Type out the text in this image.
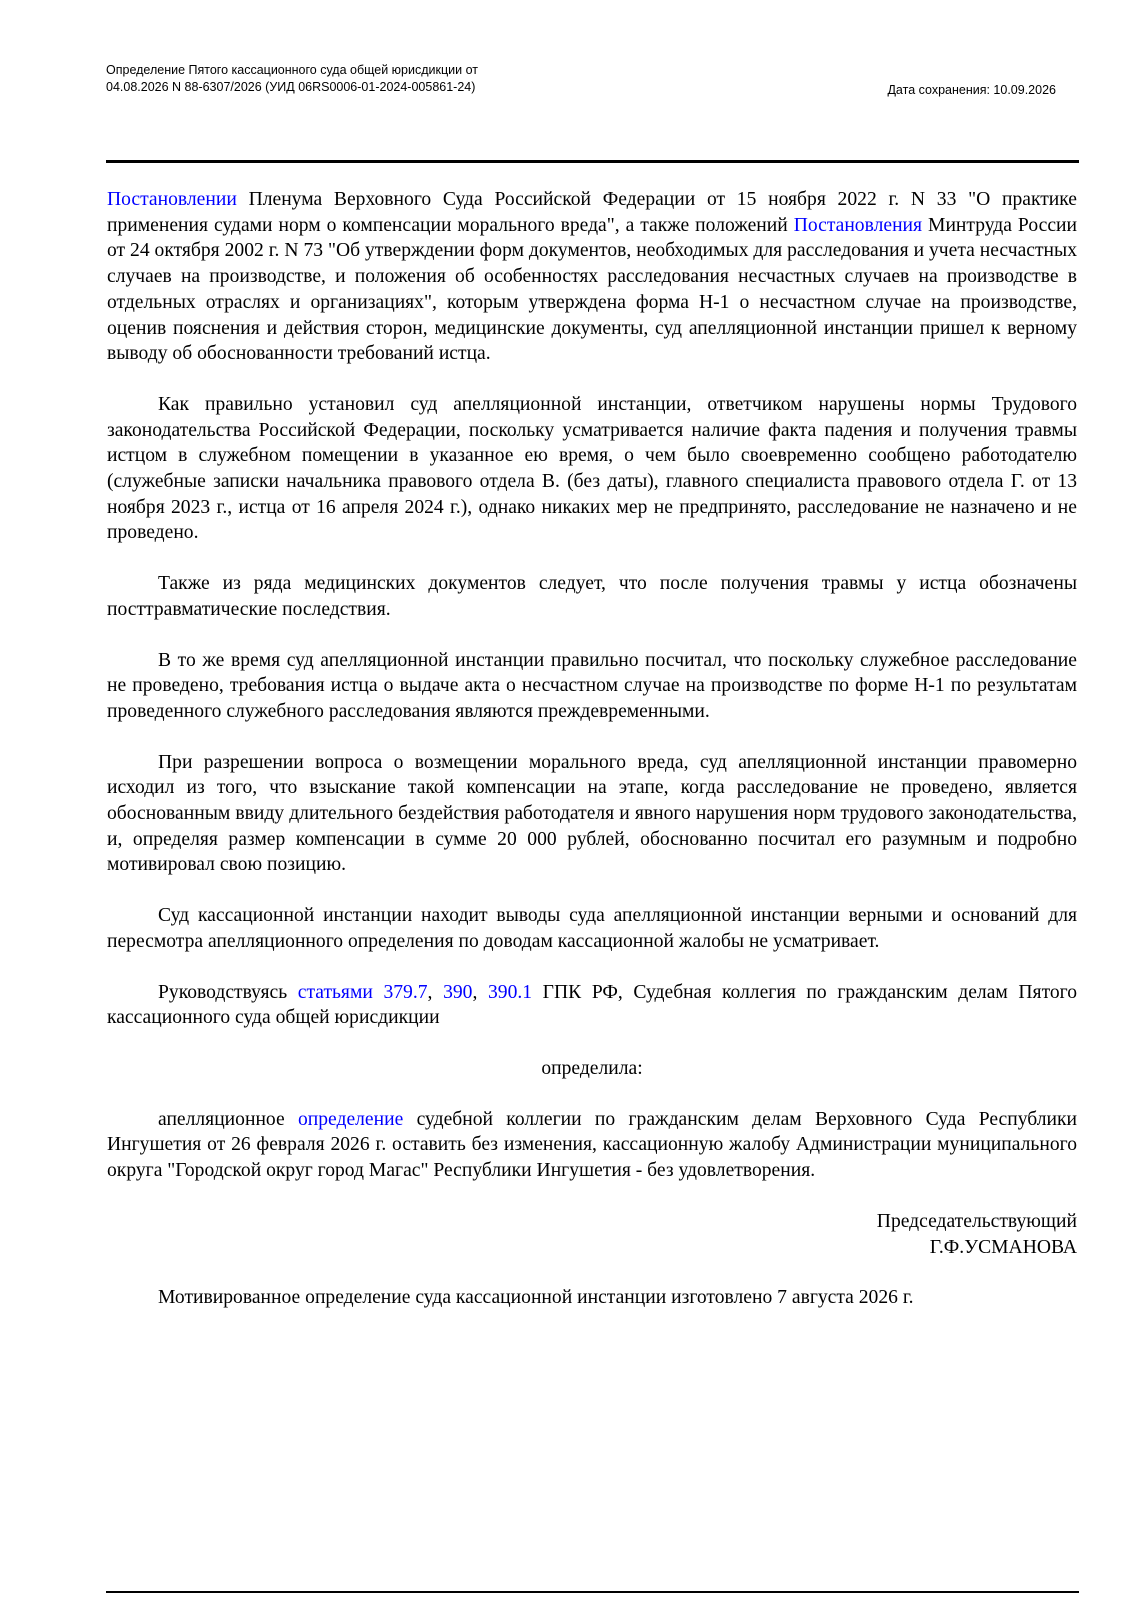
Определение Пятого кассационного суда общей юрисдикции от
04.08.2026 N 88-6307/2026 (УИД 06RS0006-01-2024-005861-24)	Дата сохранения: 10.09.2026

Постановлении Пленума Верховного Суда Российской Федерации от 15 ноября 2022 г. N 33 "О практике применения судами норм о компенсации морального вреда", а также положений Постановления Минтруда России от 24 октября 2002 г. N 73 "Об утверждении форм документов, необходимых для расследования и учета несчастных случаев на производстве, и положения об особенностях расследования несчастных случаев на производстве в отдельных отраслях и организациях", которым утверждена форма Н-1 о несчастном случае на производстве, оценив пояснения и действия сторон, медицинские документы, суд апелляционной инстанции пришел к верному выводу об обоснованности требований истца.

Как правильно установил суд апелляционной инстанции, ответчиком нарушены нормы Трудового законодательства Российской Федерации, поскольку усматривается наличие факта падения и получения травмы истцом в служебном помещении в указанное ею время, о чем было своевременно сообщено работодателю (служебные записки начальника правового отдела В. (без даты), главного специалиста правового отдела Г. от 13 ноября 2023 г., истца от 16 апреля 2024 г.), однако никаких мер не предпринято, расследование не назначено и не проведено.

Также из ряда медицинских документов следует, что после получения травмы у истца обозначены посттравматические последствия.

В то же время суд апелляционной инстанции правильно посчитал, что поскольку служебное расследование не проведено, требования истца о выдаче акта о несчастном случае на производстве по форме Н-1 по результатам проведенного служебного расследования являются преждевременными.

При разрешении вопроса о возмещении морального вреда, суд апелляционной инстанции правомерно исходил из того, что взыскание такой компенсации на этапе, когда расследование не проведено, является обоснованным ввиду длительного бездействия работодателя и явного нарушения норм трудового законодательства, и, определяя размер компенсации в сумме 20 000 рублей, обоснованно посчитал его разумным и подробно мотивировал свою позицию.

Суд кассационной инстанции находит выводы суда апелляционной инстанции верными и оснований для пересмотра апелляционного определения по доводам кассационной жалобы не усматривает.

Руководствуясь статьями 379.7, 390, 390.1 ГПК РФ, Судебная коллегия по гражданским делам Пятого кассационного суда общей юрисдикции

определила:

апелляционное определение судебной коллегии по гражданским делам Верховного Суда Республики Ингушетия от 26 февраля 2026 г. оставить без изменения, кассационную жалобу Администрации муниципального округа "Городской округ город Магас" Республики Ингушетия - без удовлетворения.

Председательствующий
Г.Ф.УСМАНОВА

Мотивированное определение суда кассационной инстанции изготовлено 7 августа 2026 г.
